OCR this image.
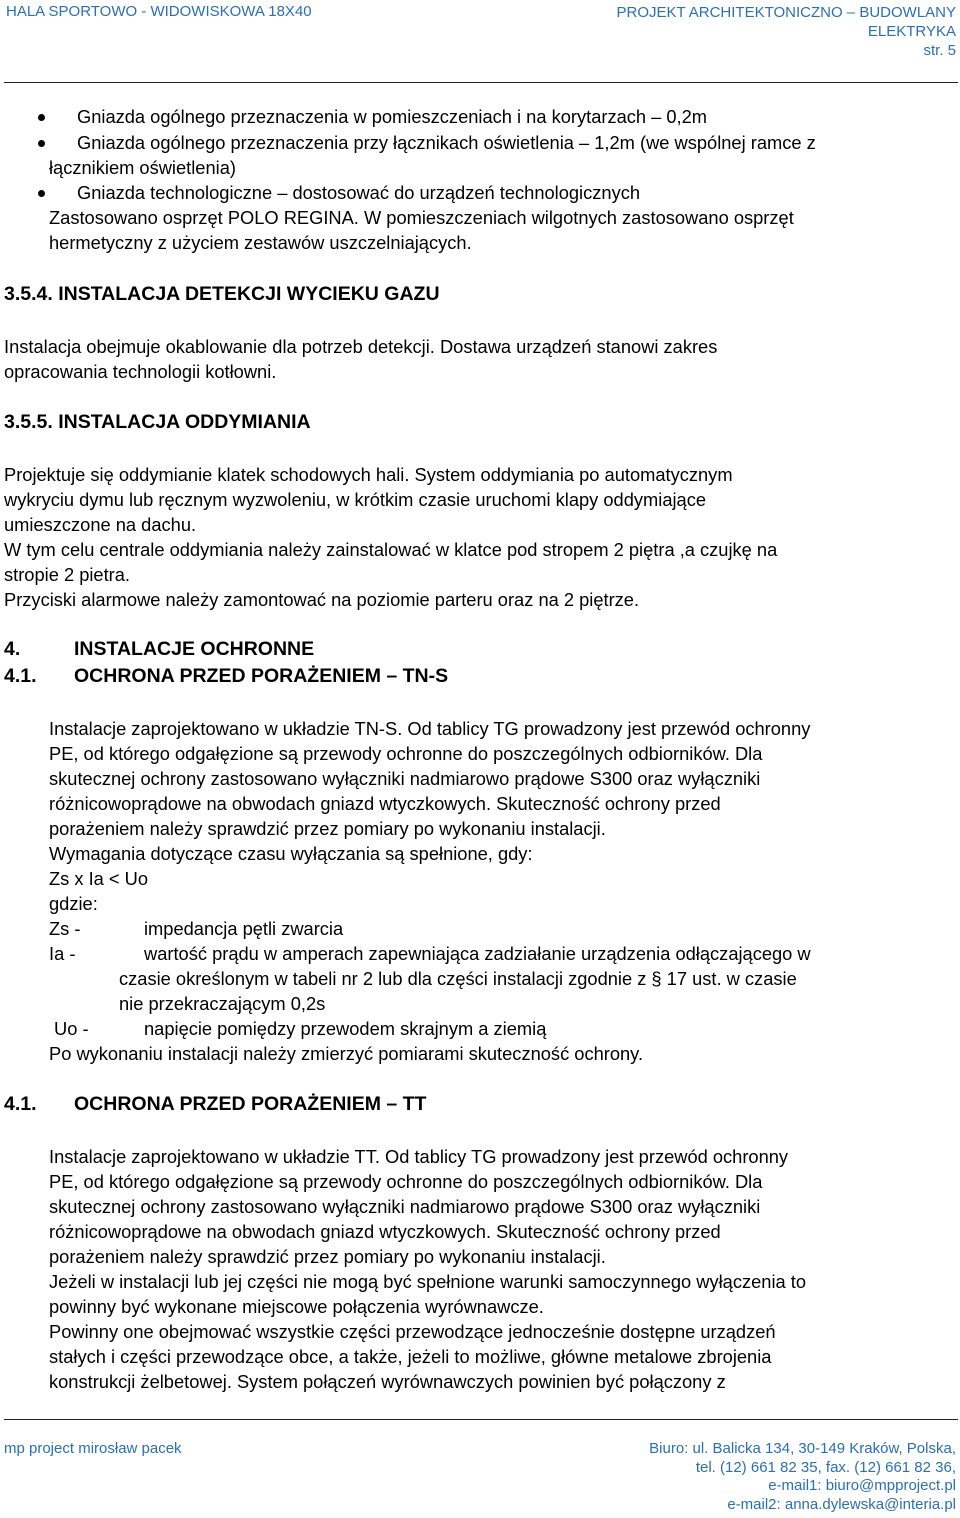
HALA SPORTOWO - WIDOWISKOWA 18X40	PROJEKT ARCHITEKTONICZNO – BUDOWLANY
ELEKTRYKA
str. 5
Gniazda ogólnego przeznaczenia w pomieszczeniach i na korytarzach – 0,2m
Gniazda ogólnego przeznaczenia przy łącznikach oświetlenia – 1,2m (we wspólnej ramce z
łącznikiem oświetlenia)
Gniazda technologiczne – dostosować do urządzeń technologicznych
Zastosowano osprzęt POLO REGINA. W pomieszczeniach wilgotnych zastosowano osprzęt
hermetyczny z użyciem zestawów uszczelniających.
3.5.4. INSTALACJA DETEKCJI WYCIEKU GAZU
Instalacja obejmuje okablowanie dla potrzeb detekcji. Dostawa urządzeń stanowi zakres
opracowania technologii kotłowni.
3.5.5. INSTALACJA ODDYMIANIA
Projektuje się oddymianie klatek schodowych hali. System oddymiania po automatycznym
wykryciu dymu lub ręcznym wyzwoleniu, w krótkim czasie uruchomi klapy oddymiające
umieszczone na dachu.
W tym celu centrale oddymiania należy zainstalować w klatce pod stropem 2 piętra ,a czujkę na
stropie 2 pietra.
Przyciski alarmowe należy zamontować na poziomie parteru oraz na 2 piętrze.
4.	INSTALACJE OCHRONNE
4.1. OCHRONA PRZED PORAŻENIEM – TN-S
Instalacje zaprojektowano w układzie TN-S. Od tablicy TG prowadzony jest przewód ochronny
PE, od którego odgałęzione są przewody ochronne do poszczególnych odbiorników. Dla
skutecznej ochrony zastosowano wyłączniki nadmiarowo prądowe S300 oraz wyłączniki
różnicowoprądowe na obwodach gniazd wtyczkowych. Skuteczność ochrony przed
porażeniem należy sprawdzić przez pomiary po wykonaniu instalacji.
Wymagania dotyczące czasu wyłączania są spełnione, gdy:
Zs x Ia < Uo
gdzie:
Zs -	impedancja pętli zwarcia
Ia -	wartość prądu w amperach zapewniająca zadziałanie urządzenia odłączającego w
czasie określonym w tabeli nr 2 lub dla części instalacji zgodnie z § 17 ust. w czasie
nie przekraczającym 0,2s
Uo -	napięcie pomiędzy przewodem skrajnym a ziemią
Po wykonaniu instalacji należy zmierzyć pomiarami skuteczność ochrony.
4.1. OCHRONA PRZED PORAŻENIEM – TT
Instalacje zaprojektowano w układzie TT. Od tablicy TG prowadzony jest przewód ochronny
PE, od którego odgałęzione są przewody ochronne do poszczególnych odbiorników. Dla
skutecznej ochrony zastosowano wyłączniki nadmiarowo prądowe S300 oraz wyłączniki
różnicowoprądowe na obwodach gniazd wtyczkowych. Skuteczność ochrony przed
porażeniem należy sprawdzić przez pomiary po wykonaniu instalacji.
Jeżeli w instalacji lub jej części nie mogą być spełnione warunki samoczynnego wyłączenia to
powinny być wykonane miejscowe połączenia wyrównawcze.
Powinny one obejmować wszystkie części przewodzące jednocześnie dostępne urządzeń
stałych i części przewodzące obce, a także, jeżeli to możliwe, główne metalowe zbrojenia
konstrukcji żelbetowej. System połączeń wyrównawczych powinien być połączony z
mp project mirosław pacek	Biuro: ul. Balicka 134, 30-149 Kraków, Polska,
tel. (12) 661 82 35, fax. (12) 661 82 36,
e-mail1: biuro@mpproject.pl
e-mail2: anna.dylewska@interia.pl
